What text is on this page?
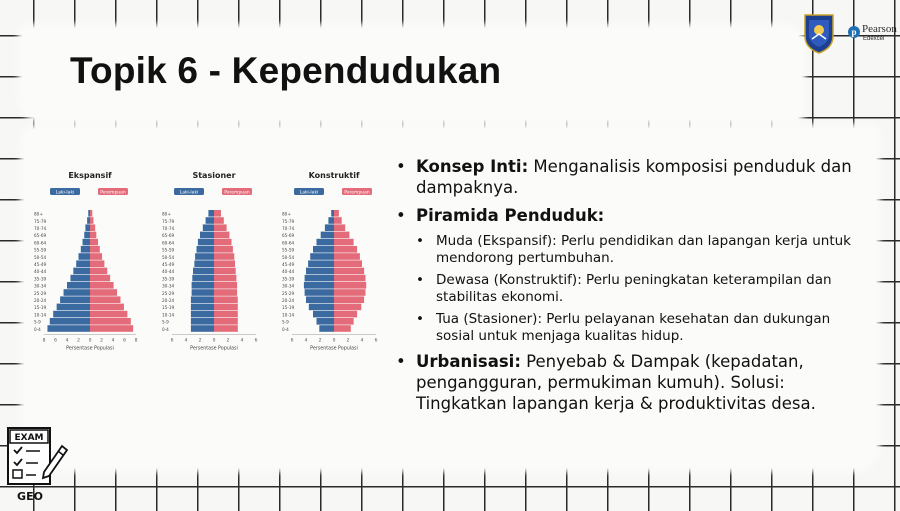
Topik 6 - Kependudukan
p Pearson
Edexcel
Ekspansif
Laki-laki	Perempuan
80+
75-79
70-74
65-69
60-64
55-59
50-54
45-49
40-44
35-39
30-34
25-29
20-24
15-19
10-14
5-9
0-4
8 6 4 2 0 2 4 6 8
Persentase Populasi
Stasioner
Laki-laki	Perempuan
80+
75-79
70-74
65-69
60-64
55-59
50-54
45-49
40-44
35-39
30-34
25-29
20-24
15-19
10-14
5-9
0-4
6 4 2 0 2 4 6
Persentase Populasi
Konstruktif
Laki-laki	Perempuan
80+
75-79
70-74
65-69
60-64
55-59
50-54
45-49
40-44
35-39
30-34
25-29
20-24
15-19
10-14
5-9
0-4
6 4 2 0 2 4 6
Persentase Populasi
• Konsep Inti: Menganalisis komposisi penduduk dan dampaknya.
• Piramida Penduduk:
• Muda (Ekspansif): Perlu pendidikan dan lapangan kerja untuk mendorong pertumbuhan.
• Dewasa (Konstruktif): Perlu peningkatan keterampilan dan stabilitas ekonomi.
• Tua (Stasioner): Perlu pelayanan kesehatan dan dukungan sosial untuk menjaga kualitas hidup.
• Urbanisasi: Penyebab & Dampak (kepadatan, pengangguran, permukiman kumuh). Solusi: Tingkatkan lapangan kerja & produktivitas desa.
EXAM
GEO
